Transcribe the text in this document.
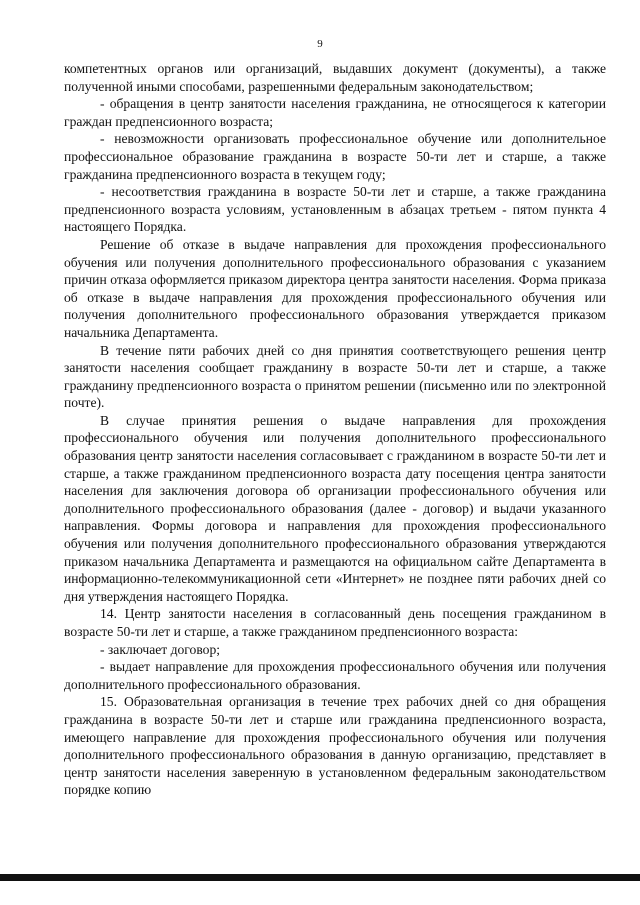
9

компетентных органов или организаций, выдавших документ (документы), а также полученной иными способами, разрешенными федеральным законодательством;

- обращения в центр занятости населения гражданина, не относящегося к категории граждан предпенсионного возраста;

- невозможности организовать профессиональное обучение или дополнительное профессиональное образование гражданина в возрасте 50-ти лет и старше, а также гражданина предпенсионного возраста в текущем году;

- несоответствия гражданина в возрасте 50-ти лет и старше, а также гражданина предпенсионного возраста условиям, установленным в абзацах третьем - пятом пункта 4 настоящего Порядка.

Решение об отказе в выдаче направления для прохождения профессионального обучения или получения дополнительного профессионального образования с указанием причин отказа оформляется приказом директора центра занятости населения. Форма приказа об отказе в выдаче направления для прохождения профессионального обучения или получения дополнительного профессионального образования утверждается приказом начальника Департамента.

В течение пяти рабочих дней со дня принятия соответствующего решения центр занятости населения сообщает гражданину в возрасте 50-ти лет и старше, а также гражданину предпенсионного возраста о принятом решении (письменно или по электронной почте).

В случае принятия решения о выдаче направления для прохождения профессионального обучения или получения дополнительного профессионального образования центр занятости населения согласовывает с гражданином в возрасте 50-ти лет и старше, а также гражданином предпенсионного возраста дату посещения центра занятости населения для заключения договора об организации профессионального обучения или дополнительного профессионального образования (далее - договор) и выдачи указанного направления. Формы договора и направления для прохождения профессионального обучения или получения дополнительного профессионального образования утверждаются приказом начальника Департамента и размещаются на официальном сайте Департамента в информационно-телекоммуникационной сети «Интернет» не позднее пяти рабочих дней со дня утверждения настоящего Порядка.

14. Центр занятости населения в согласованный день посещения гражданином в возрасте 50-ти лет и старше, а также гражданином предпенсионного возраста:

- заключает договор;

- выдает направление для прохождения профессионального обучения или получения дополнительного профессионального образования.

15. Образовательная организация в течение трех рабочих дней со дня обращения гражданина в возрасте 50-ти лет и старше или гражданина предпенсионного возраста, имеющего направление для прохождения профессионального обучения или получения дополнительного профессионального образования в данную организацию, представляет в центр занятости населения заверенную в установленном федеральным законодательством порядке копию
